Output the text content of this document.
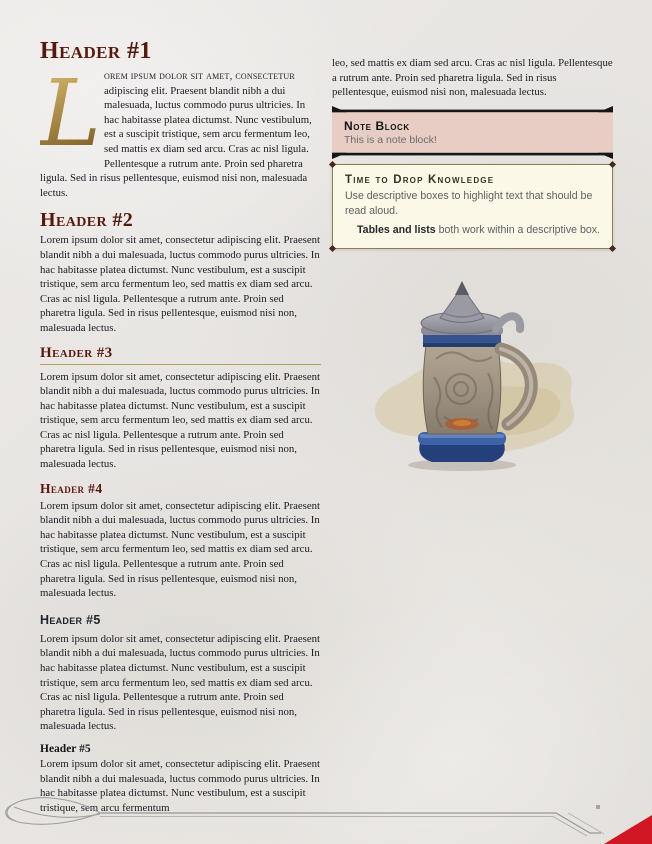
Header #1

L orem ipsum dolor sit amet, consectetur adipiscing elit. Praesent blandit nibh a dui malesuada, luctus commodo purus ultricies. In hac habitasse platea dictumst. Nunc vestibulum, est a suscipit tristique, sem arcu fermentum leo, sed mattis ex diam sed arcu. Cras ac nisl ligula. Pellentesque a rutrum ante. Proin sed pharetra ligula. Sed in risus pellentesque, euismod nisi non, malesuada lectus.

Header #2

Lorem ipsum dolor sit amet, consectetur adipiscing elit. Praesent blandit nibh a dui malesuada, luctus commodo purus ultricies. In hac habitasse platea dictumst. Nunc vestibulum, est a suscipit tristique, sem arcu fermentum leo, sed mattis ex diam sed arcu. Cras ac nisl ligula. Pellentesque a rutrum ante. Proin sed pharetra ligula. Sed in risus pellentesque, euismod nisi non, malesuada lectus.

Header #3

Lorem ipsum dolor sit amet, consectetur adipiscing elit. Praesent blandit nibh a dui malesuada, luctus commodo purus ultricies. In hac habitasse platea dictumst. Nunc vestibulum, est a suscipit tristique, sem arcu fermentum leo, sed mattis ex diam sed arcu. Cras ac nisl ligula. Pellentesque a rutrum ante. Proin sed pharetra ligula. Sed in risus pellentesque, euismod nisi non, malesuada lectus.

Header #4

Lorem ipsum dolor sit amet, consectetur adipiscing elit. Praesent blandit nibh a dui malesuada, luctus commodo purus ultricies. In hac habitasse platea dictumst. Nunc vestibulum, est a suscipit tristique, sem arcu fermentum leo, sed mattis ex diam sed arcu. Cras ac nisl ligula. Pellentesque a rutrum ante. Proin sed pharetra ligula. Sed in risus pellentesque, euismod nisi non, malesuada lectus.

Header #5

Lorem ipsum dolor sit amet, consectetur adipiscing elit. Praesent blandit nibh a dui malesuada, luctus commodo purus ultricies. In hac habitasse platea dictumst. Nunc vestibulum, est a suscipit tristique, sem arcu fermentum leo, sed mattis ex diam sed arcu. Cras ac nisl ligula. Pellentesque a rutrum ante. Proin sed pharetra ligula. Sed in risus pellentesque, euismod nisi non, malesuada lectus.

Header #5

Lorem ipsum dolor sit amet, consectetur adipiscing elit. Praesent blandit nibh a dui malesuada, luctus commodo purus ultricies. In hac habitasse platea dictumst. Nunc vestibulum, est a suscipit tristique, sem arcu fermentum

leo, sed mattis ex diam sed arcu. Cras ac nisl ligula. Pellentesque a rutrum ante. Proin sed pharetra ligula. Sed in risus pellentesque, euismod nisi non, malesuada lectus.

Note Block

This is a note block!

Time to Drop Knowledge

Use descriptive boxes to highlight text that should be read aloud.

Tables and lists both work within a descriptive box.
